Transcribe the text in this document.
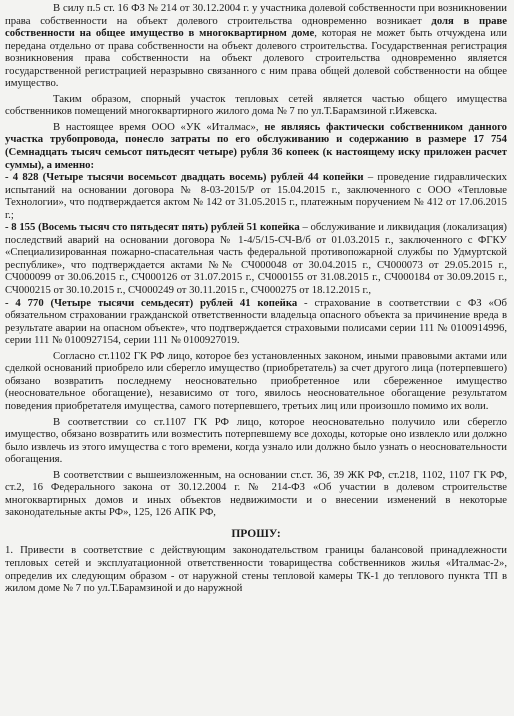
В силу п.5 ст. 16 ФЗ № 214 от 30.12.2004 г. у участника долевой собственности при возникновении права собственности на объект долевого строительства одновременно возникает доля в праве собственности на общее имущество в многоквартирном доме, которая не может быть отчуждена или передана отдельно от права собственности на объект долевого строительства. Государственная регистрация возникновения права собственности на объект долевого строительства одновременно является государственной регистрацией неразрывно связанного с ним права общей долевой собственности на общее имущество.

Таким образом, спорный участок тепловых сетей является частью общего имущества собственников помещений многоквартирного жилого дома № 7 по ул.Т.Барамзиной г.Ижевска.

В настоящее время ООО «УК «Италмас», не являясь фактически собственником данного участка трубопровода, понесло затраты по его обслуживанию и содержанию в размере 17 754 (Семнадцать тысяч семьсот пятьдесят четыре) рубля 36 копеек (к настоящему иску приложен расчет суммы), а именно:

- 4 828 (Четыре тысячи восемьсот двадцать восемь) рублей 44 копейки – проведение гидравлических испытаний на основании договора № 8-03-2015/Р от 15.04.2015 г., заключенного с ООО «Тепловые Технологии», что подтверждается актом № 142 от 31.05.2015 г., платежным поручением № 412 от 17.06.2015 г.;

- 8 155 (Восемь тысяч сто пятьдесят пять) рублей 51 копейка – обслуживание и ликвидация (локализация) последствий аварий на основании договора № 1-4/5/15-СЧ-В/б от 01.03.2015 г., заключенного с ФГКУ «Специализированная пожарно-спасательная часть федеральной противопожарной службы по Удмуртской республике», что подтверждается актами №№ СЧ000048 от 30.04.2015 г., СЧ000073 от 29.05.2015 г., СЧ000099 от 30.06.2015 г., СЧ000126 от 31.07.2015 г., СЧ000155 от 31.08.2015 г., СЧ000184 от 30.09.2015 г., СЧ000215 от 30.10.2015 г., СЧ000249 от 30.11.2015 г., СЧ000275 от 18.12.2015 г.,

- 4 770 (Четыре тысячи семьдесят) рублей 41 копейка - страхование в соответствии с ФЗ «Об обязательном страховании гражданской ответственности владельца опасного объекта за причинение вреда в результате аварии на опасном объекте», что подтверждается страховыми полисами серии 111 № 0100914996, серии 111 № 0100927154, серии 111 № 0100927019.

Согласно ст.1102 ГК РФ лицо, которое без установленных законом, иными правовыми актами или сделкой оснований приобрело или сберегло имущество (приобретатель) за счет другого лица (потерпевшего) обязано возвратить последнему неосновательно приобретенное или сбереженное имущество (неосновательное обогащение), независимо от того, явилось неосновательное обогащение результатом поведения приобретателя имущества, самого потерпевшего, третьих лиц или произошло помимо их воли.

В соответствии со ст.1107 ГК РФ лицо, которое неосновательно получило или сберегло имущество, обязано возвратить или возместить потерпевшему все доходы, которые оно извлекло или должно было извлечь из этого имущества с того времени, когда узнало или должно было узнать о неосновательности обогащения.

В соответствии с вышеизложенным, на основании ст.ст. 36, 39 ЖК РФ, ст.218, 1102, 1107 ГК РФ, ст.2, 16 Федерального закона от 30.12.2004 г. № 214-ФЗ «Об участии в долевом строительстве многоквартирных домов и иных объектов недвижимости и о внесении изменений в некоторые законодательные акты РФ», 125, 126 АПК РФ,

ПРОШУ:

1. Привести в соответствие с действующим законодательством границы балансовой принадлежности тепловых сетей и эксплуатационной ответственности товарищества собственников жилья «Италмас-2», определив их следующим образом - от наружной стены тепловой камеры ТК-1 до теплового пункта ТП в жилом доме № 7 по ул.Т.Барамзиной и до наружной
